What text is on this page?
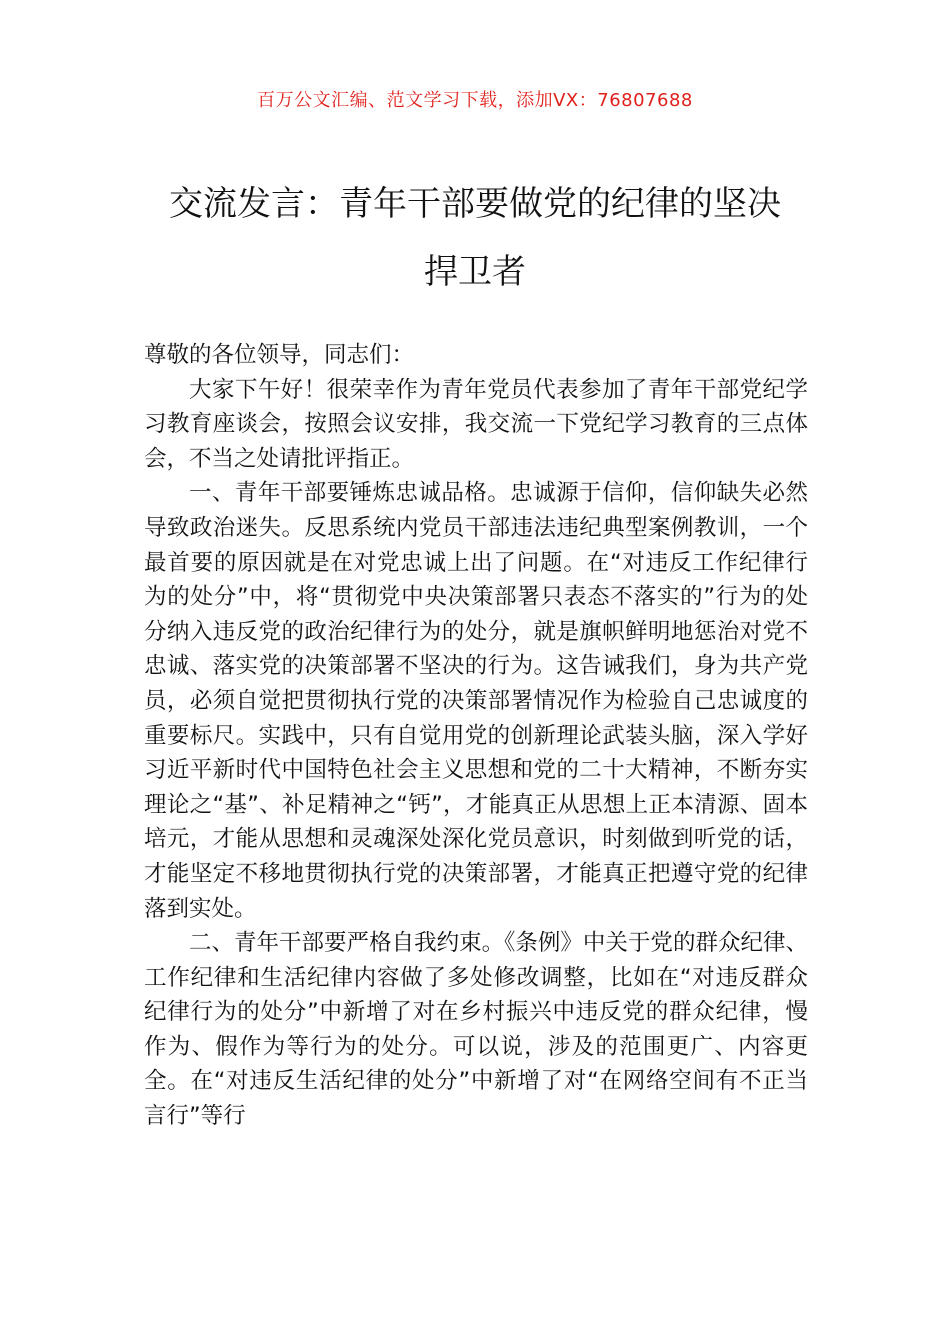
百万公文汇编、范文学习下载，添加VX：76807688
交流发言：青年干部要做党的纪律的坚决
捍卫者

尊敬的各位领导，同志们：

大家下午好！很荣幸作为青年党员代表参加了青年干部党纪学习教育座谈会，按照会议安排，我交流一下党纪学习教育的三点体会，不当之处请批评指正。

一、青年干部要锤炼忠诚品格。忠诚源于信仰，信仰缺失必然导致政治迷失。反思系统内党员干部违法违纪典型案例教训，一个最首要的原因就是在对党忠诚上出了问题。在“对违反工作纪律行为的处分”中，将“贯彻党中央决策部署只表态不落实的”行为的处分纳入违反党的政治纪律行为的处分，就是旗帜鲜明地惩治对党不忠诚、落实党的决策部署不坚决的行为。这告诫我们，身为共产党员，必须自觉把贯彻执行党的决策部署情况作为检验自己忠诚度的重要标尺。实践中，只有自觉用党的创新理论武装头脑，深入学好习近平新时代中国特色社会主义思想和党的二十大精神，不断夯实理论之“基”、补足精神之“钙”，才能真正从思想上正本清源、固本培元，才能从思想和灵魂深处深化党员意识，时刻做到听党的话，才能坚定不移地贯彻执行党的决策部署，才能真正把遵守党的纪律落到实处。

二、青年干部要严格自我约束。《条例》中关于党的群众纪律、工作纪律和生活纪律内容做了多处修改调整，比如在“对违反群众纪律行为的处分”中新增了对在乡村振兴中违反党的群众纪律，慢作为、假作为等行为的处分。可以说，涉及的范围更广、内容更全。在“对违反生活纪律的处分”中新增了对“在网络空间有不正当言行”等行
